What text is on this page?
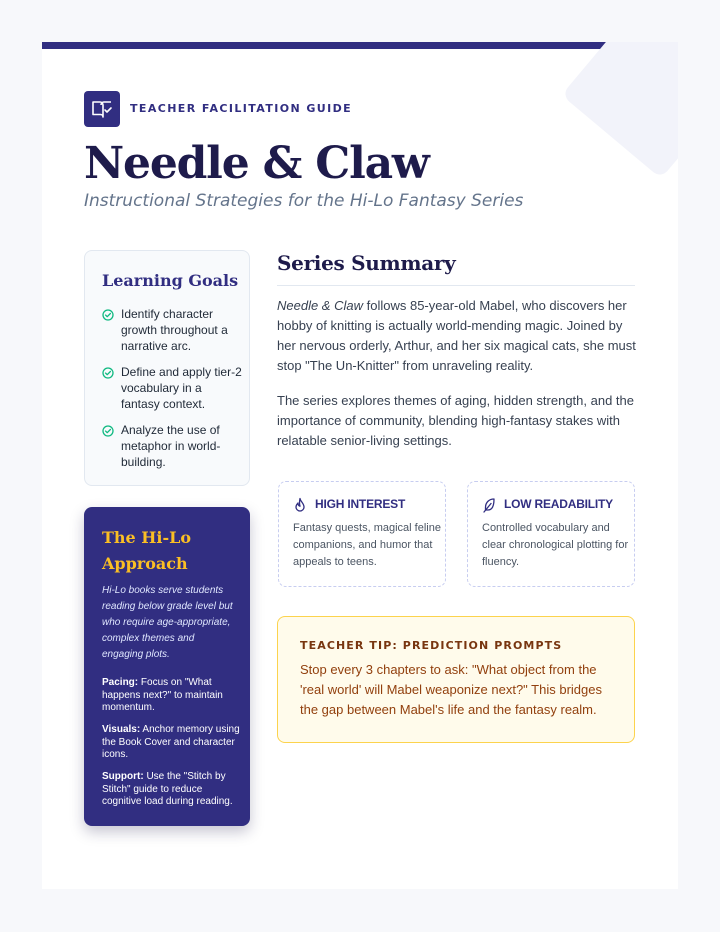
TEACHER FACILITATION GUIDE
Needle & Claw
Instructional Strategies for the Hi-Lo Fantasy Series
Learning Goals
Identify character growth throughout a narrative arc.
Define and apply tier-2 vocabulary in a fantasy context.
Analyze the use of metaphor in world-building.
The Hi-Lo Approach
Hi-Lo books serve students reading below grade level but who require age-appropriate, complex themes and engaging plots.
Pacing: Focus on "What happens next?" to maintain momentum.
Visuals: Anchor memory using the Book Cover and character icons.
Support: Use the "Stitch by Stitch" guide to reduce cognitive load during reading.
Series Summary
Needle & Claw follows 85-year-old Mabel, who discovers her hobby of knitting is actually world-mending magic. Joined by her nervous orderly, Arthur, and her six magical cats, she must stop "The Un-Knitter" from unraveling reality.
The series explores themes of aging, hidden strength, and the importance of community, blending high-fantasy stakes with relatable senior-living settings.
HIGH INTEREST
Fantasy quests, magical feline companions, and humor that appeals to teens.
LOW READABILITY
Controlled vocabulary and clear chronological plotting for fluency.
TEACHER TIP: PREDICTION PROMPTS
Stop every 3 chapters to ask: "What object from the 'real world' will Mabel weaponize next?" This bridges the gap between Mabel's life and the fantasy realm.
